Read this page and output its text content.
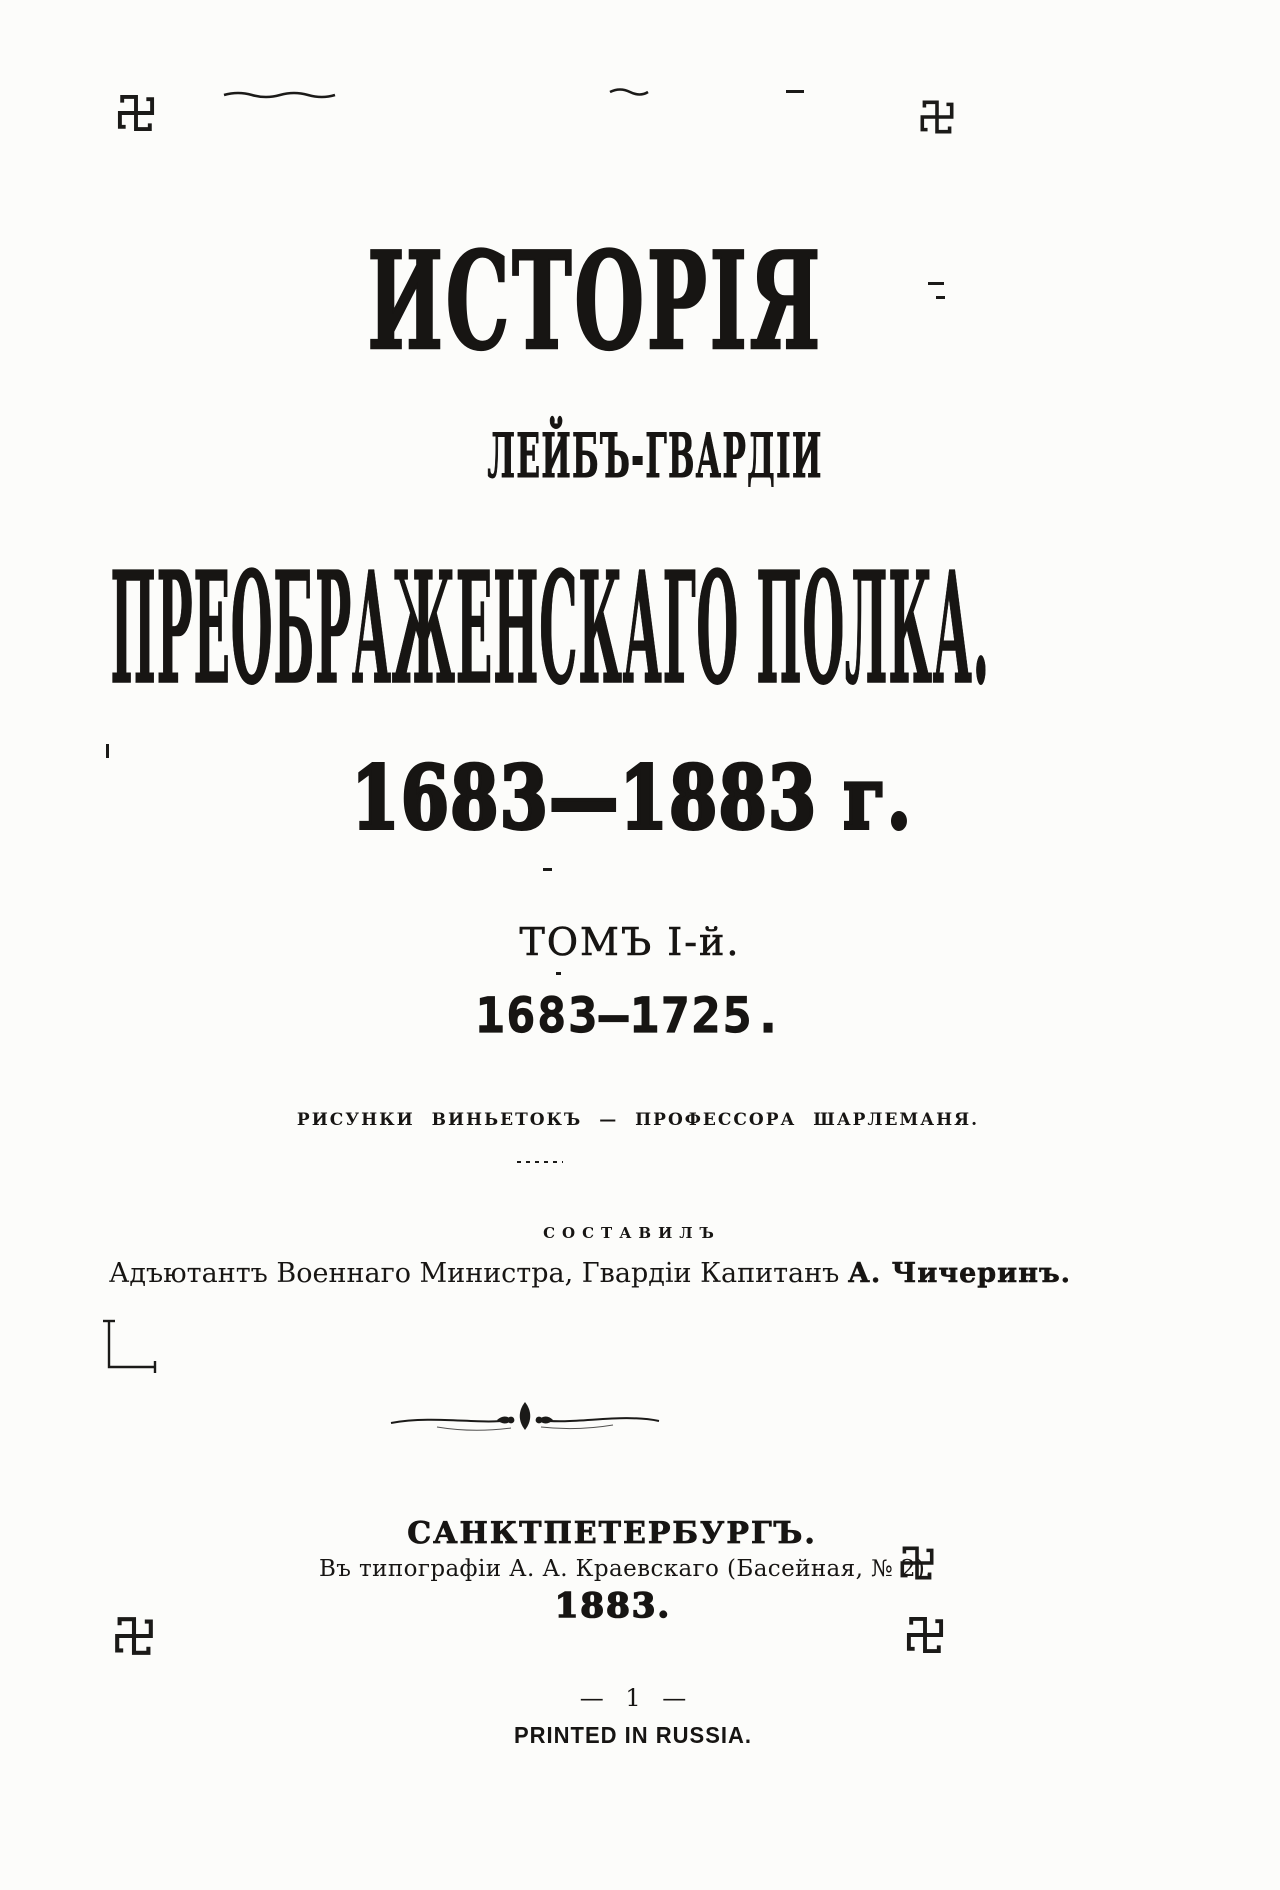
ИСТОРІЯ
ЛЕЙБЪ-ГВАРДІИ
ПРЕОБРАЖЕНСКАГО ПОЛКА.
1683—1883 г.
ТОМЪ І-й.
1683—1725.
РИСУНКИ ВИНЬЕТОКЪ — ПРОФЕССОРА ШАРЛЕМАНЯ.
СОСТАВИЛЪ
Адъютантъ Военнаго Министра, Гвардіи Капитанъ А. Чичеринъ.
САНКТПЕТЕРБУРГЪ.
Въ типографіи А. А. Краевскаго (Басейная, № 2).
1883.
— 1 —
PRINTED IN RUSSIA.
